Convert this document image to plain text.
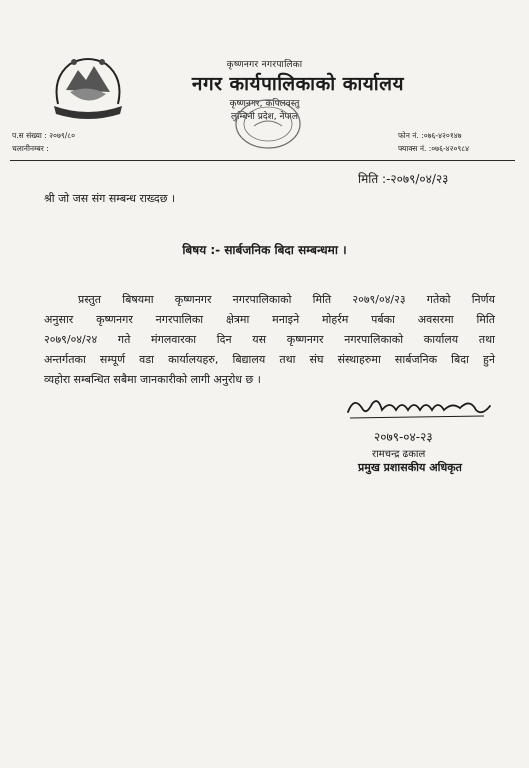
कृष्णनगर नगरपालिका
नगर कार्यपालिकाको कार्यालय
कृष्णनगर, कपिलवस्तु
लुम्बिनी प्रदेश, नेपाल
प.स संख्या : २०७९/८०
चलानीनम्बर :
फोन नं. :०७६-४२०१४७
फ्याक्स नं. :०७६-४२०९८४
मिति :-२०७९/०४/२३
श्री जो जस संग सम्बन्ध राख्दछ ।
बिषय :- सार्बजनिक बिदा सम्बन्धमा ।
प्रस्तुत बिषयमा कृष्णनगर नगरपालिकाको मिति २०७९/०४/२३ गतेको निर्णय
अनुसार कृष्णनगर नगरपालिका क्षेत्रमा मनाइने मोहर्रम पर्बका अवसरमा मिति
२०७९/०४/२४ गते मंगलवारका दिन यस कृष्णनगर नगरपालिकाको कार्यालय तथा
अन्तर्गतका सम्पूर्ण वडा कार्यालयहरु, बिद्यालय तथा संघ संस्थाहरुमा सार्बजनिक बिदा हुने
व्यहोरा सम्बन्धित सबैमा जानकारीको लागी अनुरोध छ ।
२०७९-०४-२३
रामचन्द्र ढकाल
प्रमुख प्रशासकीय अधिकृत
